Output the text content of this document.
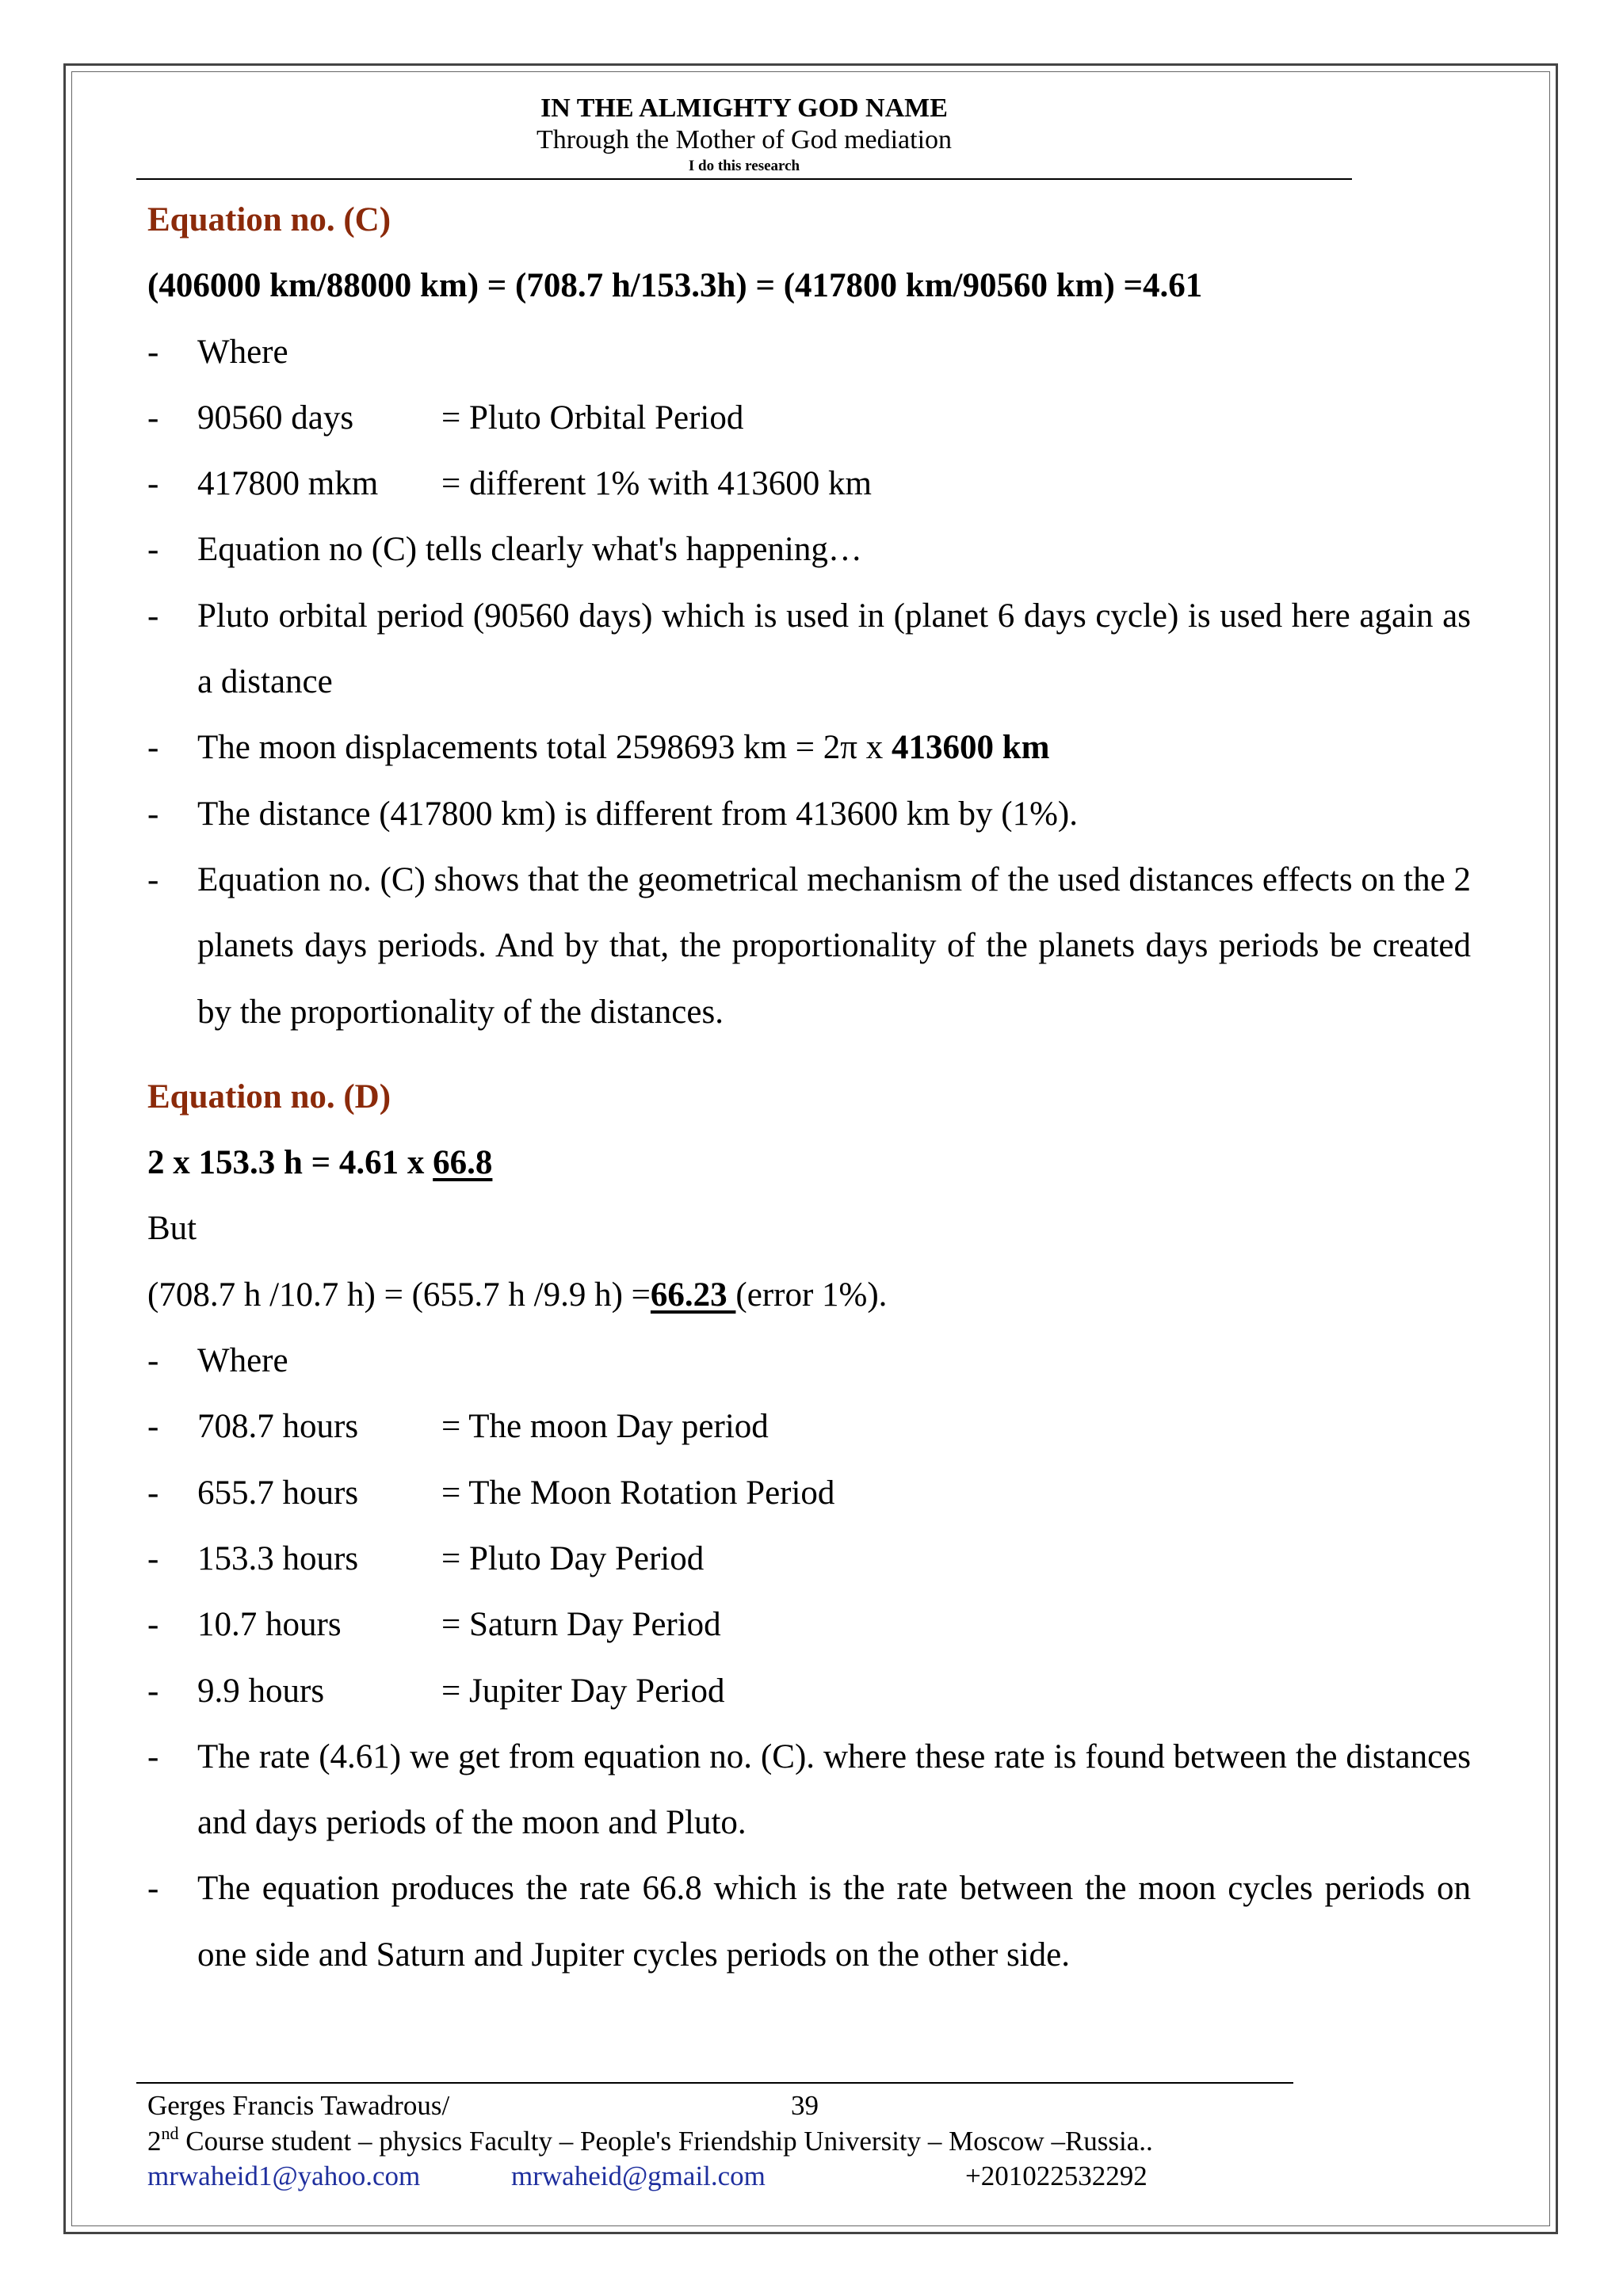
IN THE ALMIGHTY GOD NAME
Through the Mother of God mediation
I do this research
Equation no. (C)
(406000 km/88000 km) = (708.7 h/153.3h) = (417800 km/90560 km) =4.61
-	Where
-	90560 days	= Pluto Orbital Period
-	417800 mkm = different 1% with 413600 km
-	Equation no (C) tells clearly what's happening…
-	Pluto orbital period (90560 days) which is used in (planet 6 days cycle) is used here again as a distance
-	The moon displacements total 2598693 km = 2π x 413600 km
-	The distance (417800 km) is different from 413600 km by (1%).
-	Equation no. (C) shows that the geometrical mechanism of the used distances effects on the 2 planets days periods. And by that, the proportionality of the planets days periods be created by the proportionality of the distances.
Equation no. (D)
2 x 153.3 h = 4.61 x 66.8
But
(708.7 h /10.7 h) = (655.7 h /9.9 h) =66.23 (error 1%).
-	Where
-	708.7 hours = The moon Day period
-	655.7 hours = The Moon Rotation Period
-	153.3 hours = Pluto Day Period
-	10.7 hours	= Saturn Day Period
-	9.9 hours	= Jupiter Day Period
-	The rate (4.61) we get from equation no. (C). where these rate is found between the distances and days periods of the moon and Pluto.
-	The equation produces the rate 66.8 which is the rate between the moon cycles periods on one side and Saturn and Jupiter cycles periods on the other side.
Gerges Francis Tawadrous/	39
2nd Course student – physics Faculty – People's Friendship University – Moscow –Russia..
mrwaheid1@yahoo.com	mrwaheid@gmail.com	+201022532292
